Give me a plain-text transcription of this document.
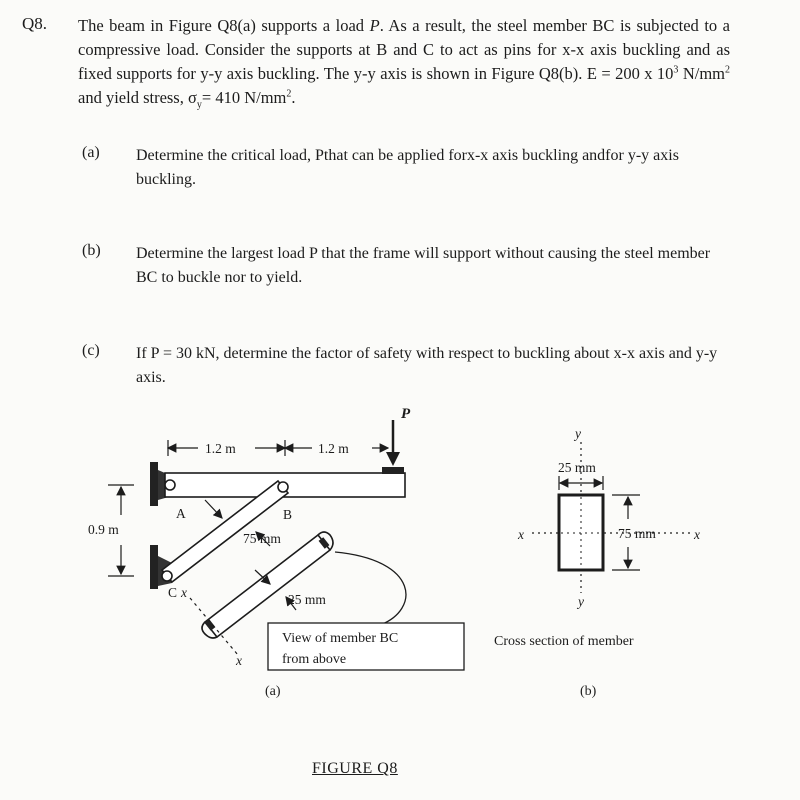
Q8. The beam in Figure Q8(a) supports a load P. As a result, the steel member BC is subjected to a compressive load. Consider the supports at B and C to act as pins for x-x axis buckling and as fixed supports for y-y axis buckling. The y-y axis is shown in Figure Q8(b). E = 200 x $10^3$ $N/mm^2$ and yield stress, $\sigma_y= 410$ $N/mm^2$.
(a) Determine the critical load, Pthat can be applied forx-x axis buckling andfor y-y axis buckling.
(b) Determine the largest load P that the frame will support without causing the steel member BC to buckle nor to yield.
(c) If P = 30 kN, determine the factor of safety with respect to buckling about x-x axis and y-y axis.
P
1.2 m	1.2 m
0.9 m
A	B
C x
x
75 mm
25 mm
View of member BC
from above
(a)
y
y
x	x
25 mm
75 mm
Cross section of member
(b)
FIGURE Q8
